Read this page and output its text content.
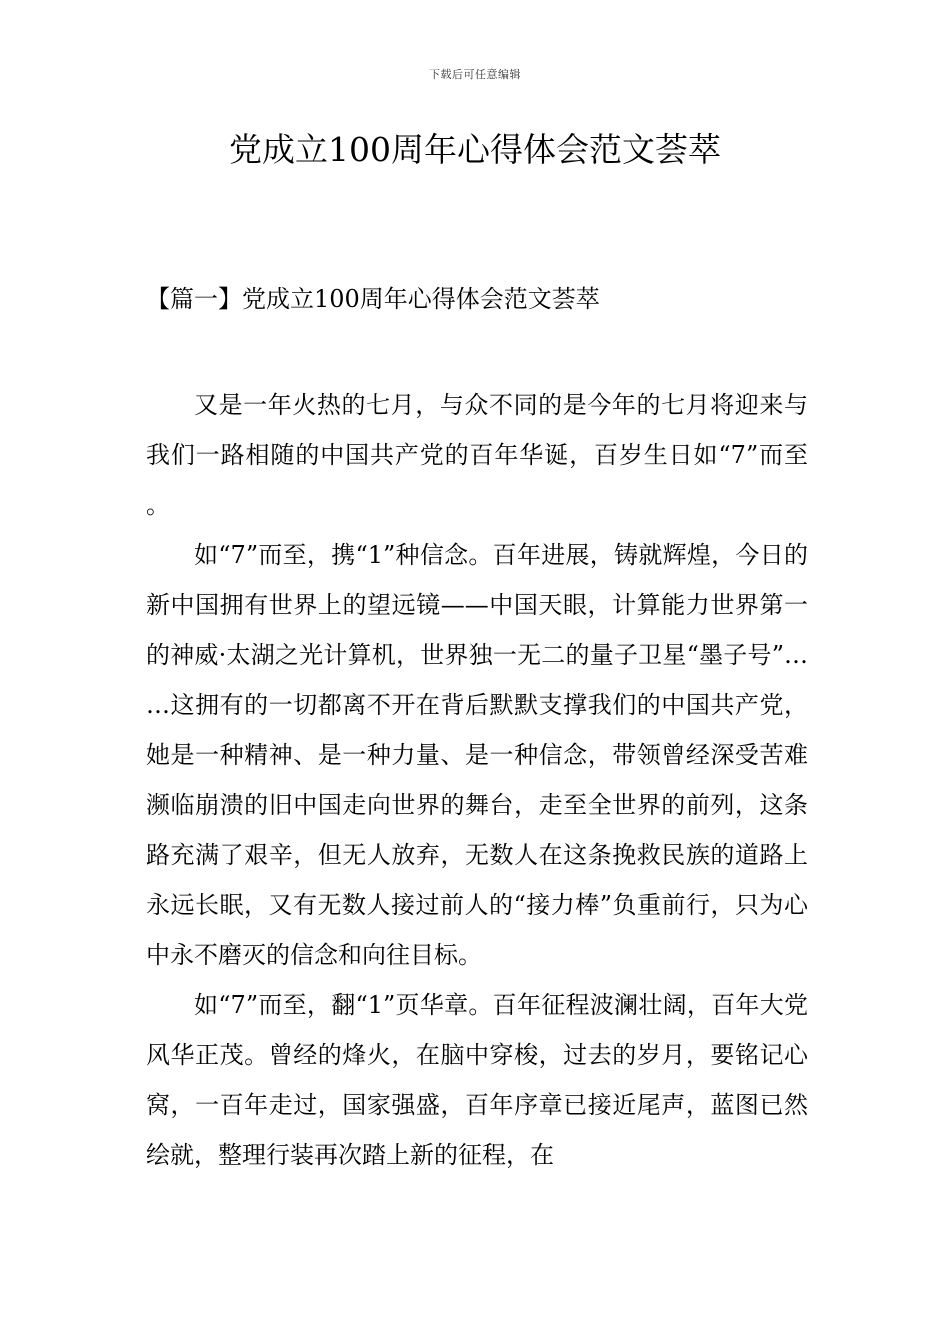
下载后可任意编辑
党成立100周年心得体会范文荟萃
【篇一】党成立100周年心得体会范文荟萃

又是一年火热的七月，与众不同的是今年的七月将迎来与我们一路相随的中国共产党的百年华诞，百岁生日如“7”而至。

如“7”而至，携“1”种信念。百年进展，铸就辉煌，今日的新中国拥有世界上的望远镜——中国天眼，计算能力世界第一的神威·太湖之光计算机，世界独一无二的量子卫星“墨子号”……这拥有的一切都离不开在背后默默支撑我们的中国共产党，她是一种精神、是一种力量、是一种信念，带领曾经深受苦难濒临崩溃的旧中国走向世界的舞台，走至全世界的前列，这条路充满了艰辛，但无人放弃，无数人在这条挽救民族的道路上永远长眠，又有无数人接过前人的“接力棒”负重前行，只为心中永不磨灭的信念和向往目标。

如“7”而至，翻“1”页华章。百年征程波澜壮阔，百年大党风华正茂。曾经的烽火，在脑中穿梭，过去的岁月，要铭记心窝，一百年走过，国家强盛，百年序章已接近尾声，蓝图已然绘就，整理行装再次踏上新的征程，在
